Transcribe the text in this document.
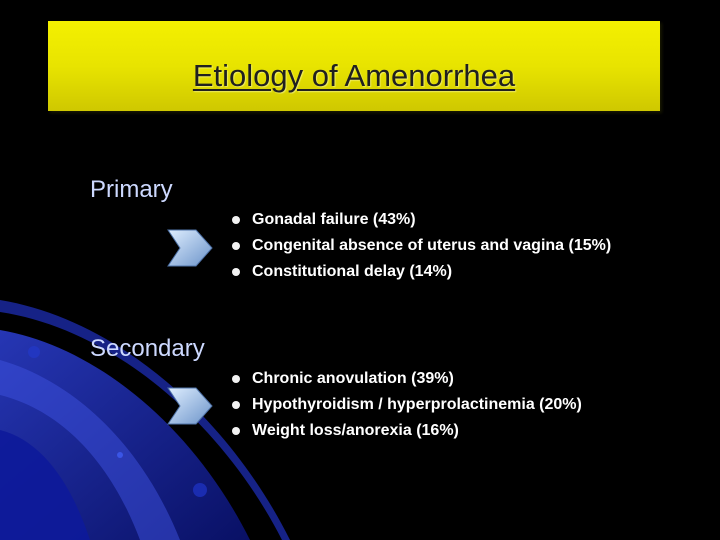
Etiology of Amenorrhea
Primary
Gonadal failure (43%)
Congenital absence of uterus and vagina (15%)
Constitutional delay (14%)
Secondary
Chronic anovulation (39%)
Hypothyroidism / hyperprolactinemia (20%)
Weight loss/anorexia (16%)
